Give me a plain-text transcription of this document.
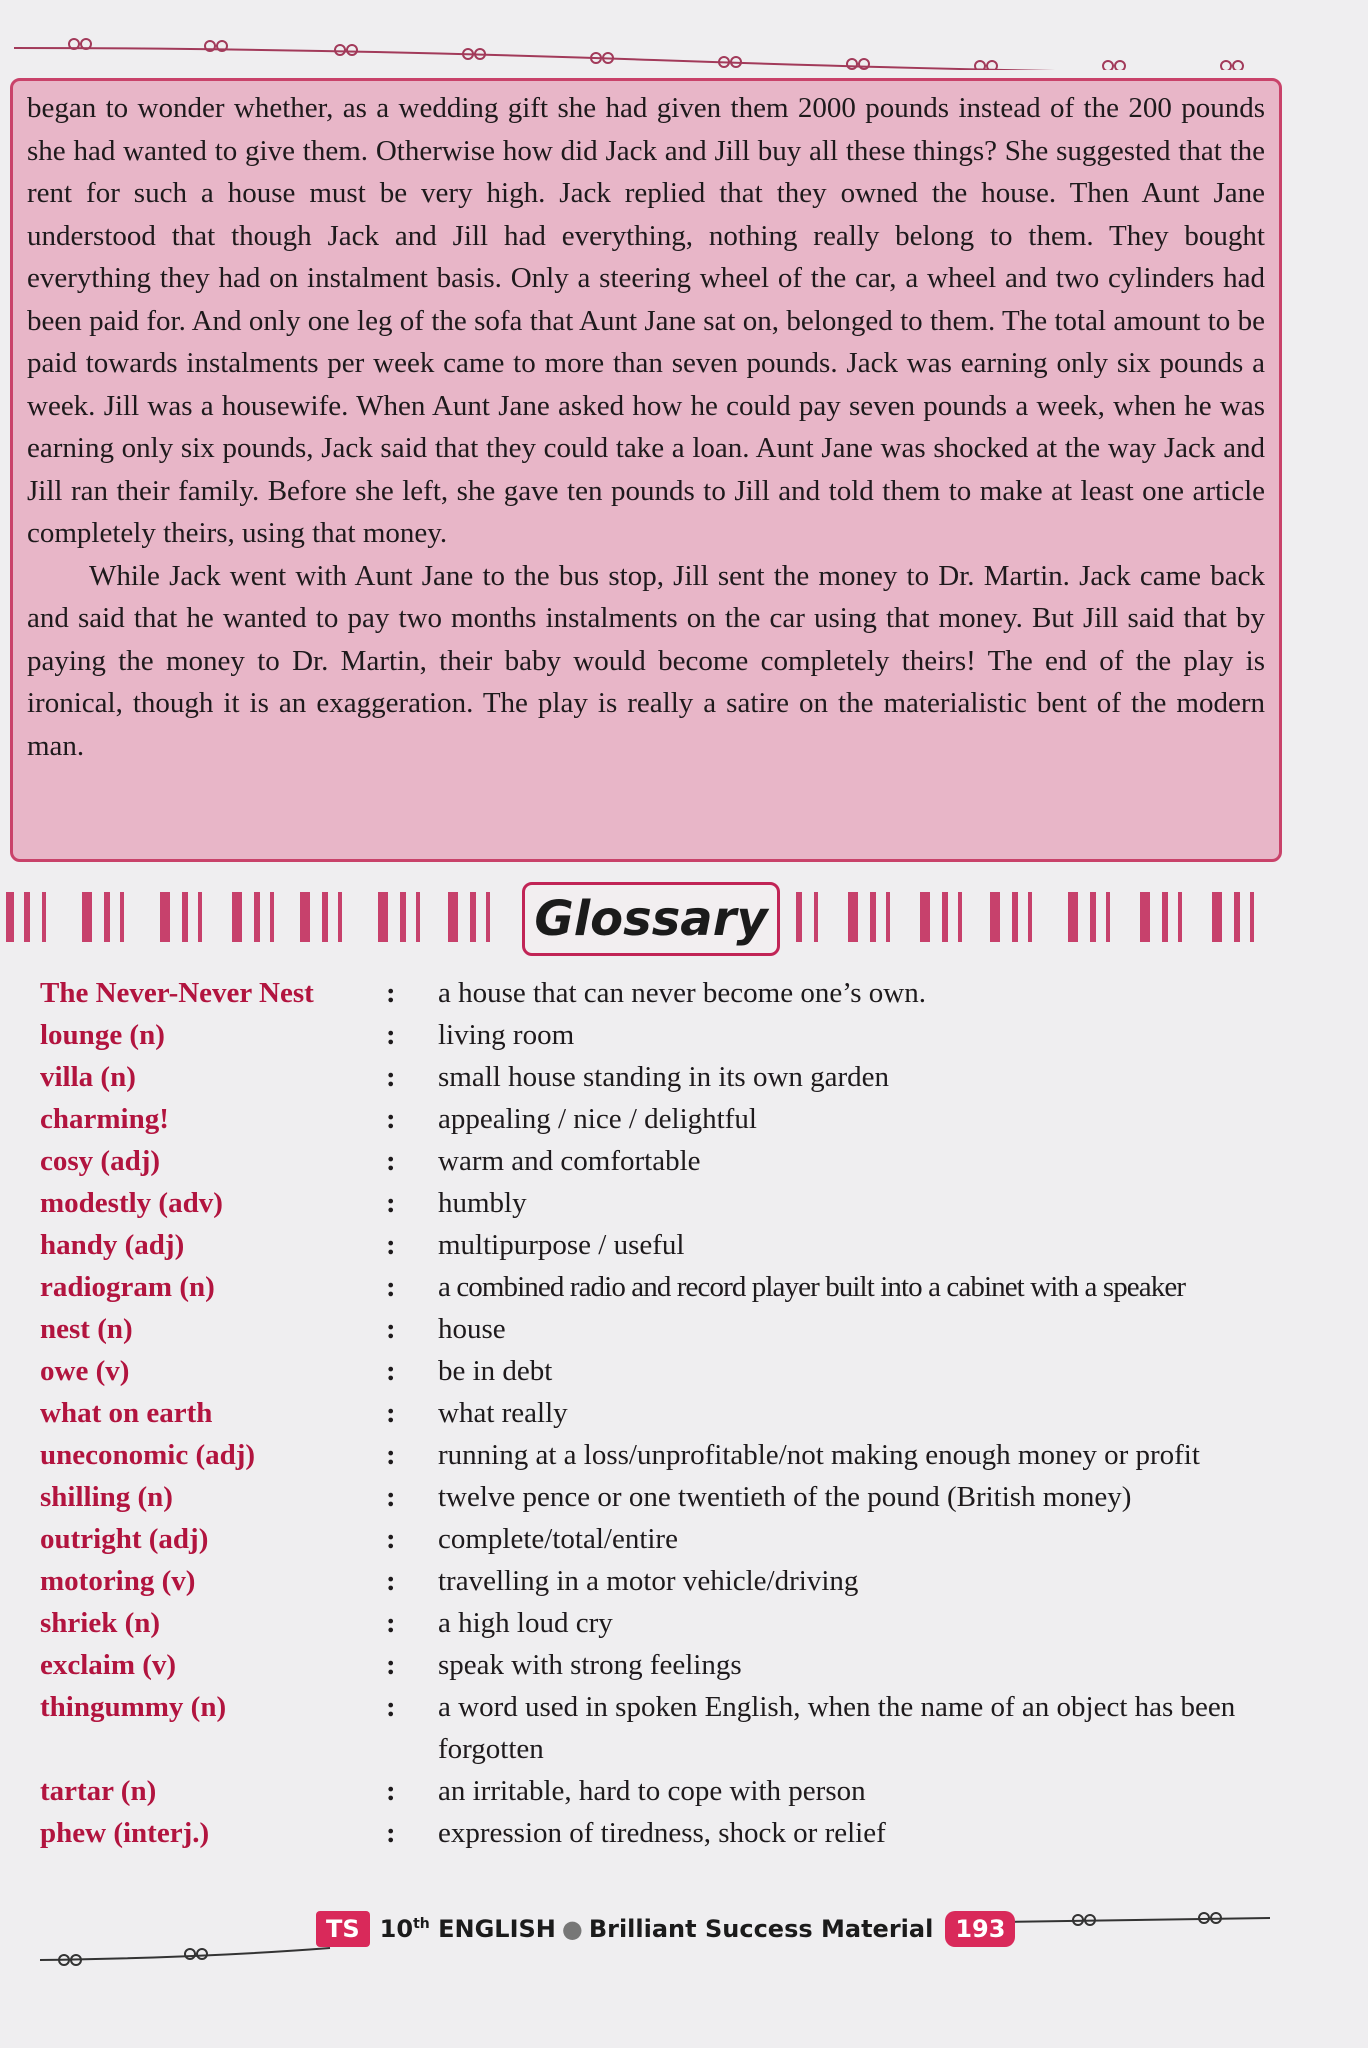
began to wonder whether, as a wedding gift she had given them 2000 pounds instead of the 200 pounds she had wanted to give them. Otherwise how did Jack and Jill buy all these things? She suggested that the rent for such a house must be very high. Jack replied that they owned the house. Then Aunt Jane understood that though Jack and Jill had everything, nothing really belong to them. They bought everything they had on instalment basis. Only a steering wheel of the car, a wheel and two cylinders had been paid for. And only one leg of the sofa that Aunt Jane sat on, belonged to them. The total amount to be paid towards instalments per week came to more than seven pounds. Jack was earning only six pounds a week. Jill was a housewife. When Aunt Jane asked how he could pay seven pounds a week, when he was earning only six pounds, Jack said that they could take a loan. Aunt Jane was shocked at the way Jack and Jill ran their family. Before she left, she gave ten pounds to Jill and told them to make at least one article completely theirs, using that money.

While Jack went with Aunt Jane to the bus stop, Jill sent the money to Dr. Martin. Jack came back and said that he wanted to pay two months instalments on the car using that money. But Jill said that by paying the money to Dr. Martin, their baby would become completely theirs! The end of the play is ironical, though it is an exaggeration. The play is really a satire on the materialistic bent of the modern man.

Glossary
The Never-Never Nest	:	a house that can never become one’s own.
lounge (n)	:	living room
villa (n)	:	small house standing in its own garden
charming!	:	appealing / nice / delightful
cosy (adj)	:	warm and comfortable
modestly (adv)	:	humbly
handy (adj)	:	multipurpose / useful
radiogram (n)	:	a combined radio and record player built into a cabinet with a speaker
nest (n)	:	house
owe (v)	:	be in debt
what on earth	:	what really
uneconomic (adj)	:	running at a loss/unprofitable/not making enough money or profit
shilling (n)	:	twelve pence or one twentieth of the pound (British money)
outright (adj)	:	complete/total/entire
motoring (v)	:	travelling in a motor vehicle/driving
shriek (n)	:	a high loud cry
exclaim (v)	:	speak with strong feelings
thingummy (n)	:	a word used in spoken English, when the name of an object has been forgotten
tartar (n)	:	an irritable, hard to cope with person
phew (interj.)	:	expression of tiredness, shock or relief
TS 10th ENGLISH ● Brilliant Success Material 193
